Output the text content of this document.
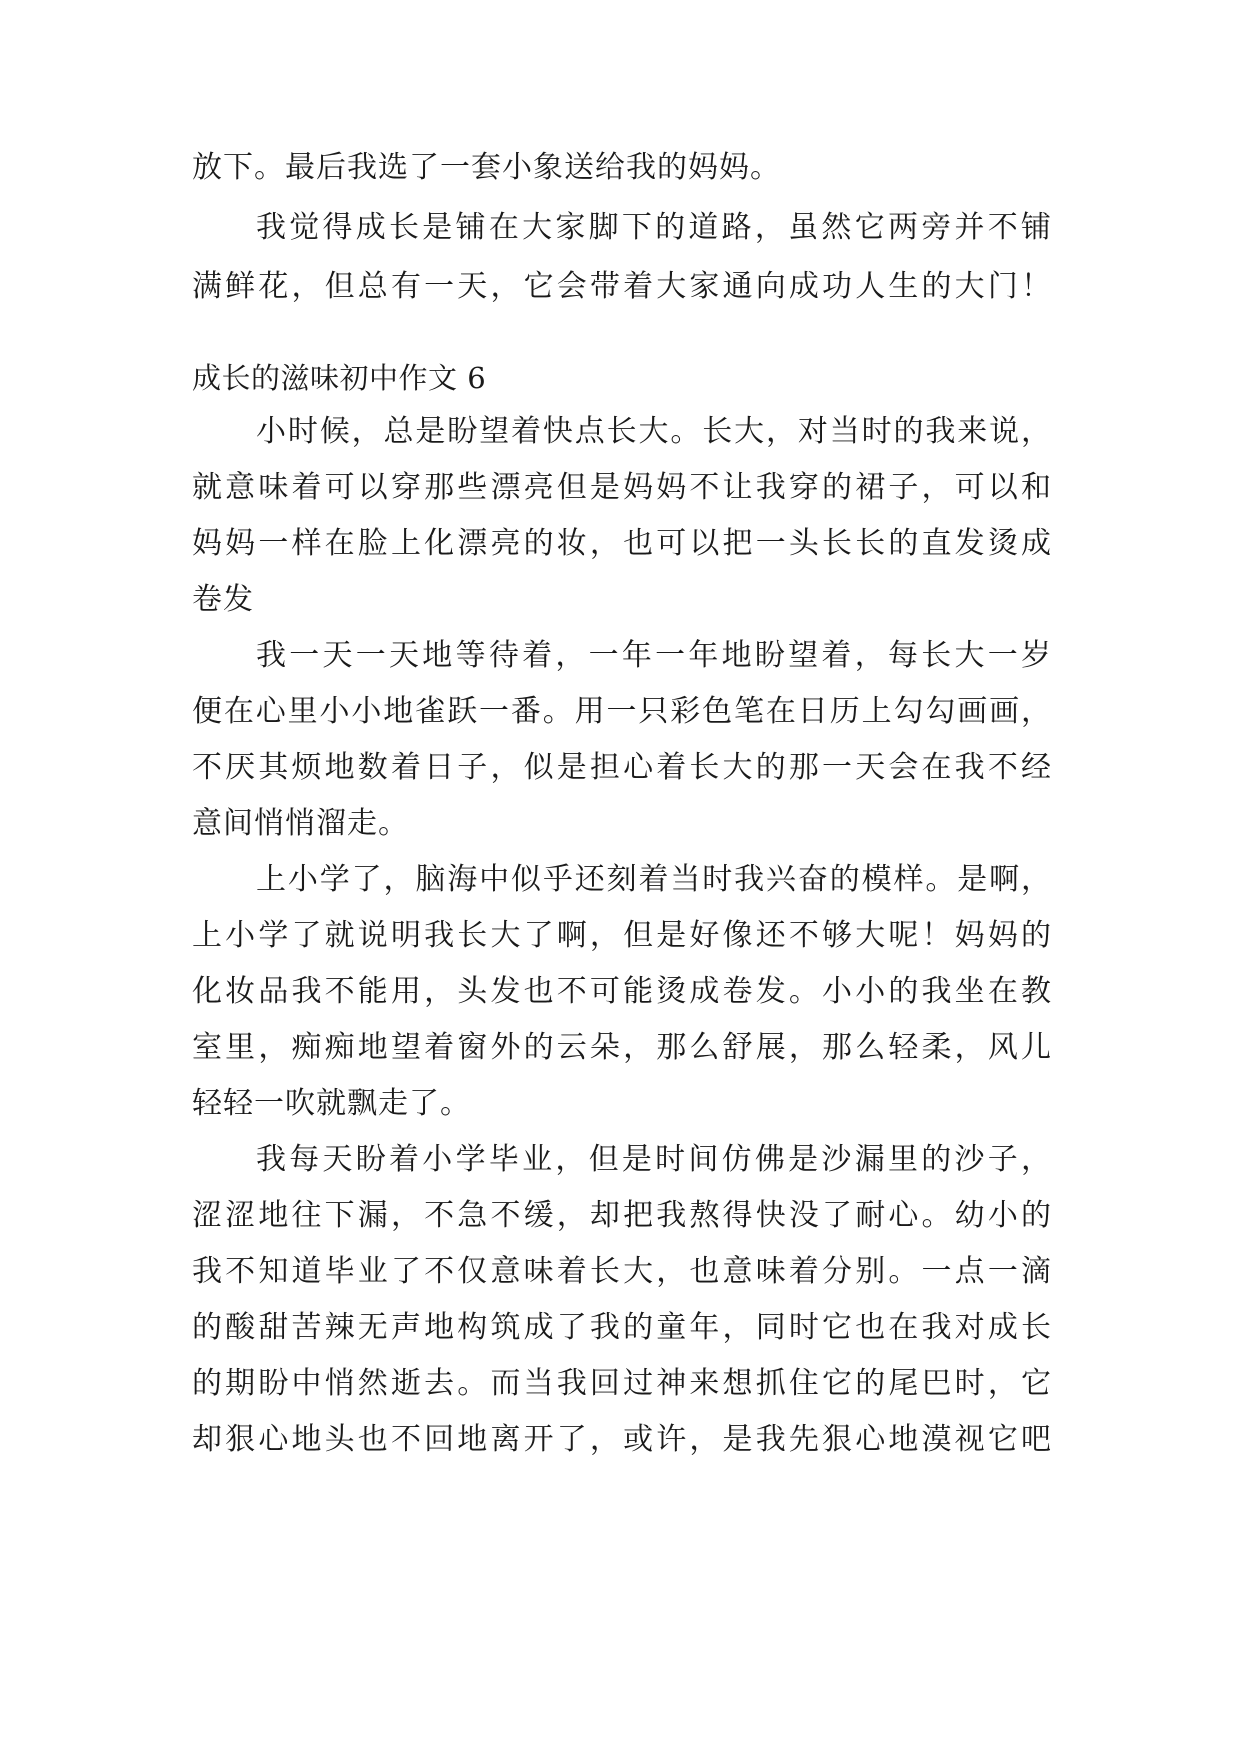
放下。最后我选了一套小象送给我的妈妈。
我觉得成长是铺在大家脚下的道路，虽然它两旁并不铺
满鲜花，但总有一天，它会带着大家通向成功人生的大门！
成长的滋味初中作文 6
小时候，总是盼望着快点长大。长大，对当时的我来说，
就意味着可以穿那些漂亮但是妈妈不让我穿的裙子，可以和
妈妈一样在脸上化漂亮的妆，也可以把一头长长的直发烫成
卷发
我一天一天地等待着，一年一年地盼望着，每长大一岁
便在心里小小地雀跃一番。用一只彩色笔在日历上勾勾画画，
不厌其烦地数着日子，似是担心着长大的那一天会在我不经
意间悄悄溜走。
上小学了，脑海中似乎还刻着当时我兴奋的模样。是啊，
上小学了就说明我长大了啊，但是好像还不够大呢！妈妈的
化妆品我不能用，头发也不可能烫成卷发。小小的我坐在教
室里，痴痴地望着窗外的云朵，那么舒展，那么轻柔，风儿
轻轻一吹就飘走了。
我每天盼着小学毕业，但是时间仿佛是沙漏里的沙子，
涩涩地往下漏，不急不缓，却把我熬得快没了耐心。幼小的
我不知道毕业了不仅意味着长大，也意味着分别。一点一滴
的酸甜苦辣无声地构筑成了我的童年，同时它也在我对成长
的期盼中悄然逝去。而当我回过神来想抓住它的尾巴时，它
却狠心地头也不回地离开了，或许，是我先狠心地漠视它吧
